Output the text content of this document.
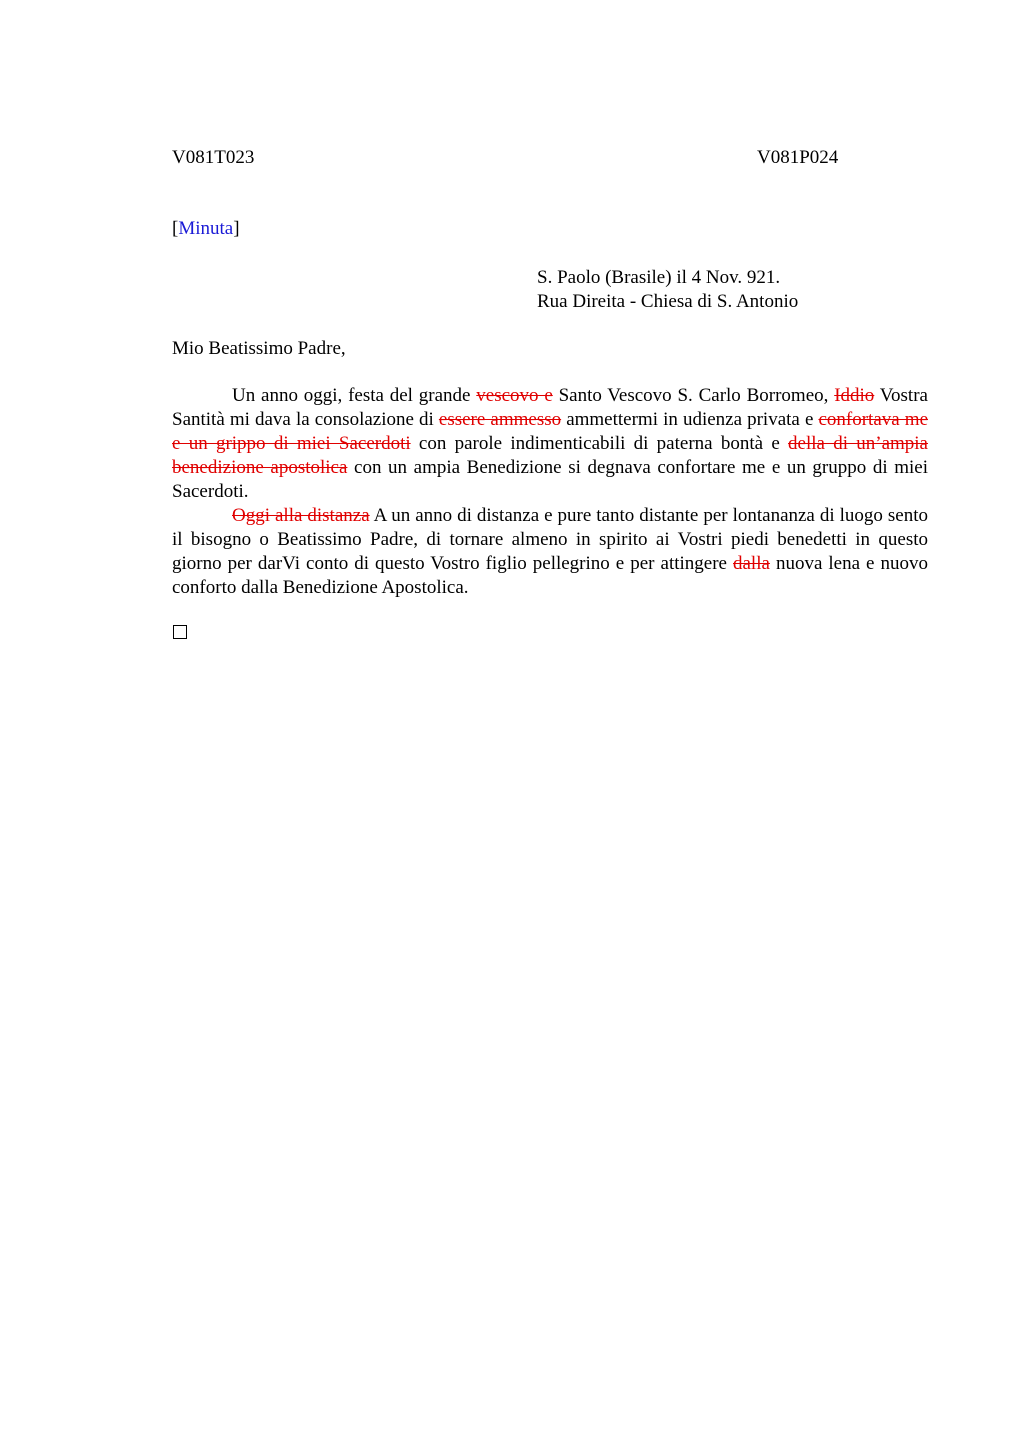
V081T023	V081P024
[Minuta]
S. Paolo (Brasile) il 4 Nov. 921.
Rua Direita - Chiesa di S. Antonio
Mio Beatissimo Padre,

Un anno oggi, festa del grande vescovo e Santo Vescovo S. Carlo Borromeo, Iddio Vostra Santità mi dava la consolazione di essere ammesso ammettermi in udienza privata e confortava me e un grippo di miei Sacerdoti con parole indimenticabili di paterna bontà e della di un’ampia benedizione apostolica con un ampia Benedizione si degnava confortare me e un gruppo di miei Sacerdoti.

Oggi alla distanza A un anno di distanza e pure tanto distante per lontananza di luogo sento il bisogno o Beatissimo Padre, di tornare almeno in spirito ai Vostri piedi benedetti in questo giorno per darVi conto di questo Vostro figlio pellegrino e per attingere dalla nuova lena e nuovo conforto dalla Benedizione Apostolica.
